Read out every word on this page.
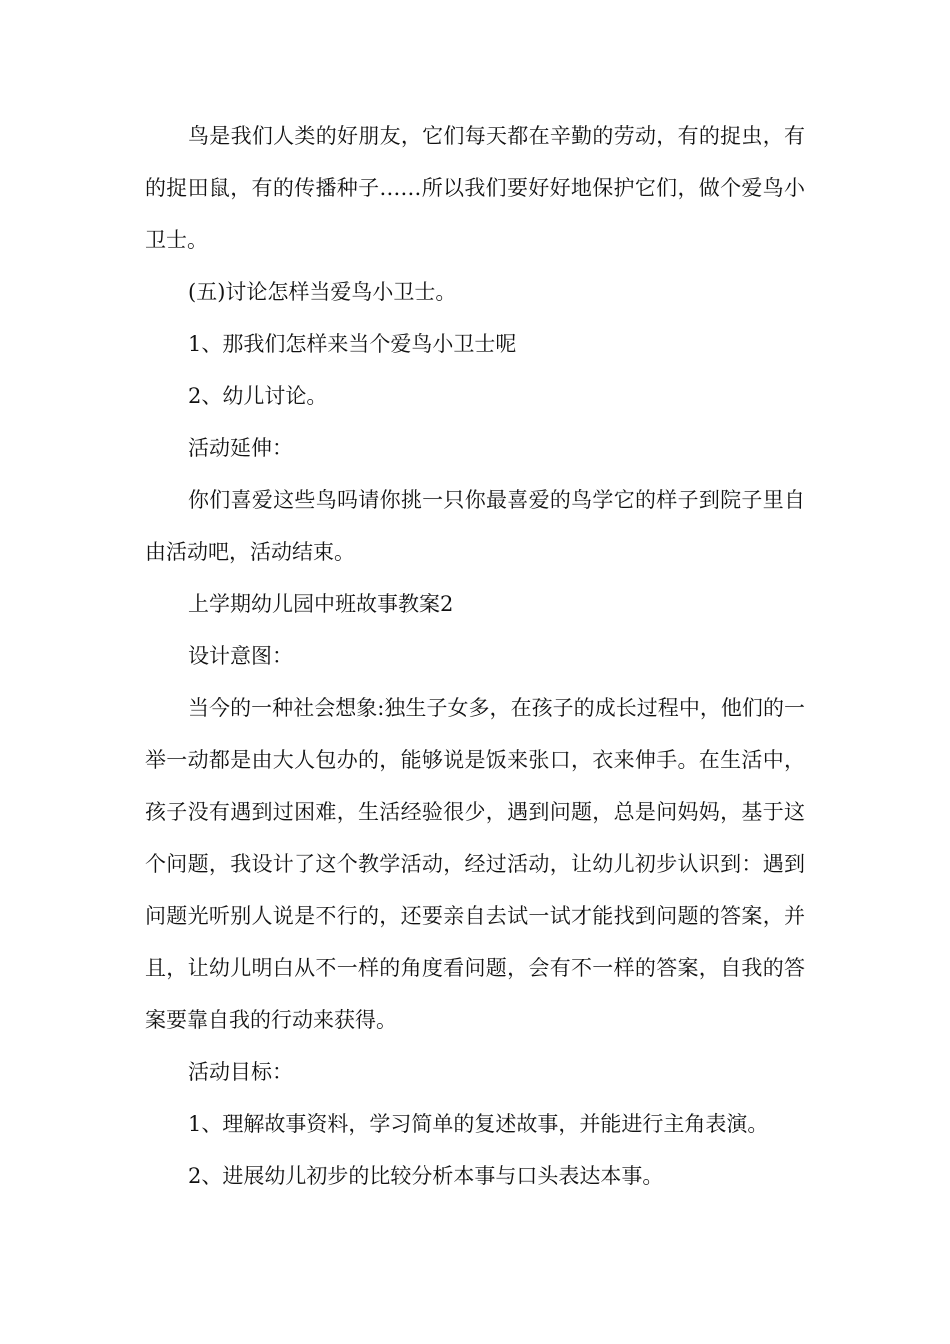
鸟是我们人类的好朋友，它们每天都在辛勤的劳动，有的捉虫，有的捉田鼠，有的传播种子……所以我们要好好地保护它们，做个爱鸟小卫士。

(五)讨论怎样当爱鸟小卫士。

1、那我们怎样来当个爱鸟小卫士呢

2、幼儿讨论。

活动延伸：

你们喜爱这些鸟吗请你挑一只你最喜爱的鸟学它的样子到院子里自由活动吧，活动结束。

上学期幼儿园中班故事教案2

设计意图：

当今的一种社会想象:独生子女多，在孩子的成长过程中，他们的一举一动都是由大人包办的，能够说是饭来张口，衣来伸手。在生活中，孩子没有遇到过困难，生活经验很少，遇到问题，总是问妈妈，基于这个问题，我设计了这个教学活动，经过活动，让幼儿初步认识到：遇到问题光听别人说是不行的，还要亲自去试一试才能找到问题的答案，并且，让幼儿明白从不一样的角度看问题，会有不一样的答案，自我的答案要靠自我的行动来获得。

活动目标：

1、理解故事资料，学习简单的复述故事，并能进行主角表演。

2、进展幼儿初步的比较分析本事与口头表达本事。
